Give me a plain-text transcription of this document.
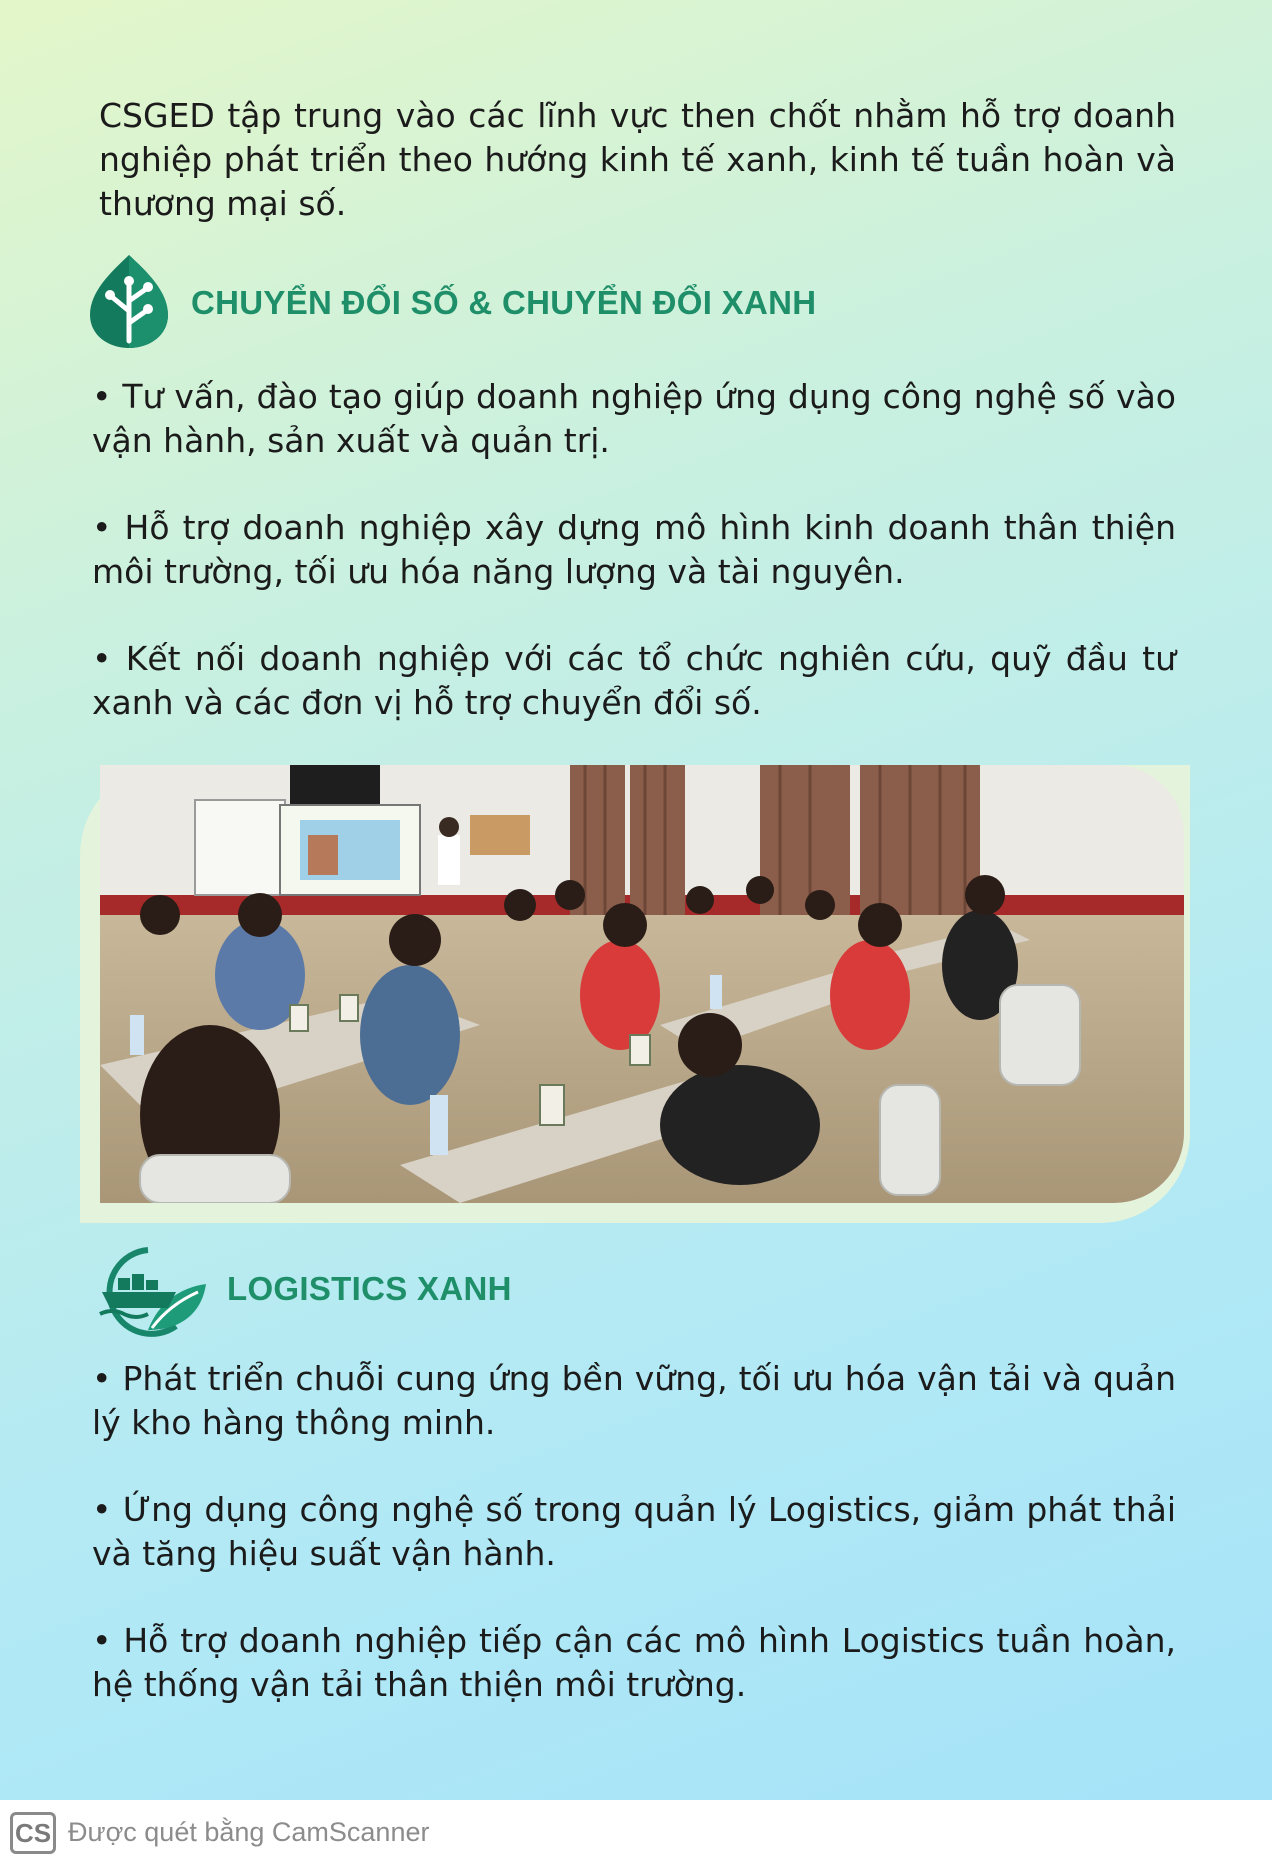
CSGED tập trung vào các lĩnh vực then chốt nhằm hỗ trợ doanh nghiệp phát triển theo hướng kinh tế xanh, kinh tế tuần hoàn và thương mại số.

CHUYỂN ĐỔI SỐ & CHUYỂN ĐỔI XANH

• Tư vấn, đào tạo giúp doanh nghiệp ứng dụng công nghệ số vào vận hành, sản xuất và quản trị.

• Hỗ trợ doanh nghiệp xây dựng mô hình kinh doanh thân thiện môi trường, tối ưu hóa năng lượng và tài nguyên.

• Kết nối doanh nghiệp với các tổ chức nghiên cứu, quỹ đầu tư xanh và các đơn vị hỗ trợ chuyển đổi số.

LOGISTICS XANH

• Phát triển chuỗi cung ứng bền vững, tối ưu hóa vận tải và quản lý kho hàng thông minh.

• Ứng dụng công nghệ số trong quản lý Logistics, giảm phát thải và tăng hiệu suất vận hành.

• Hỗ trợ doanh nghiệp tiếp cận các mô hình Logistics tuần hoàn, hệ thống vận tải thân thiện môi trường.

CS Được quét bằng CamScanner
